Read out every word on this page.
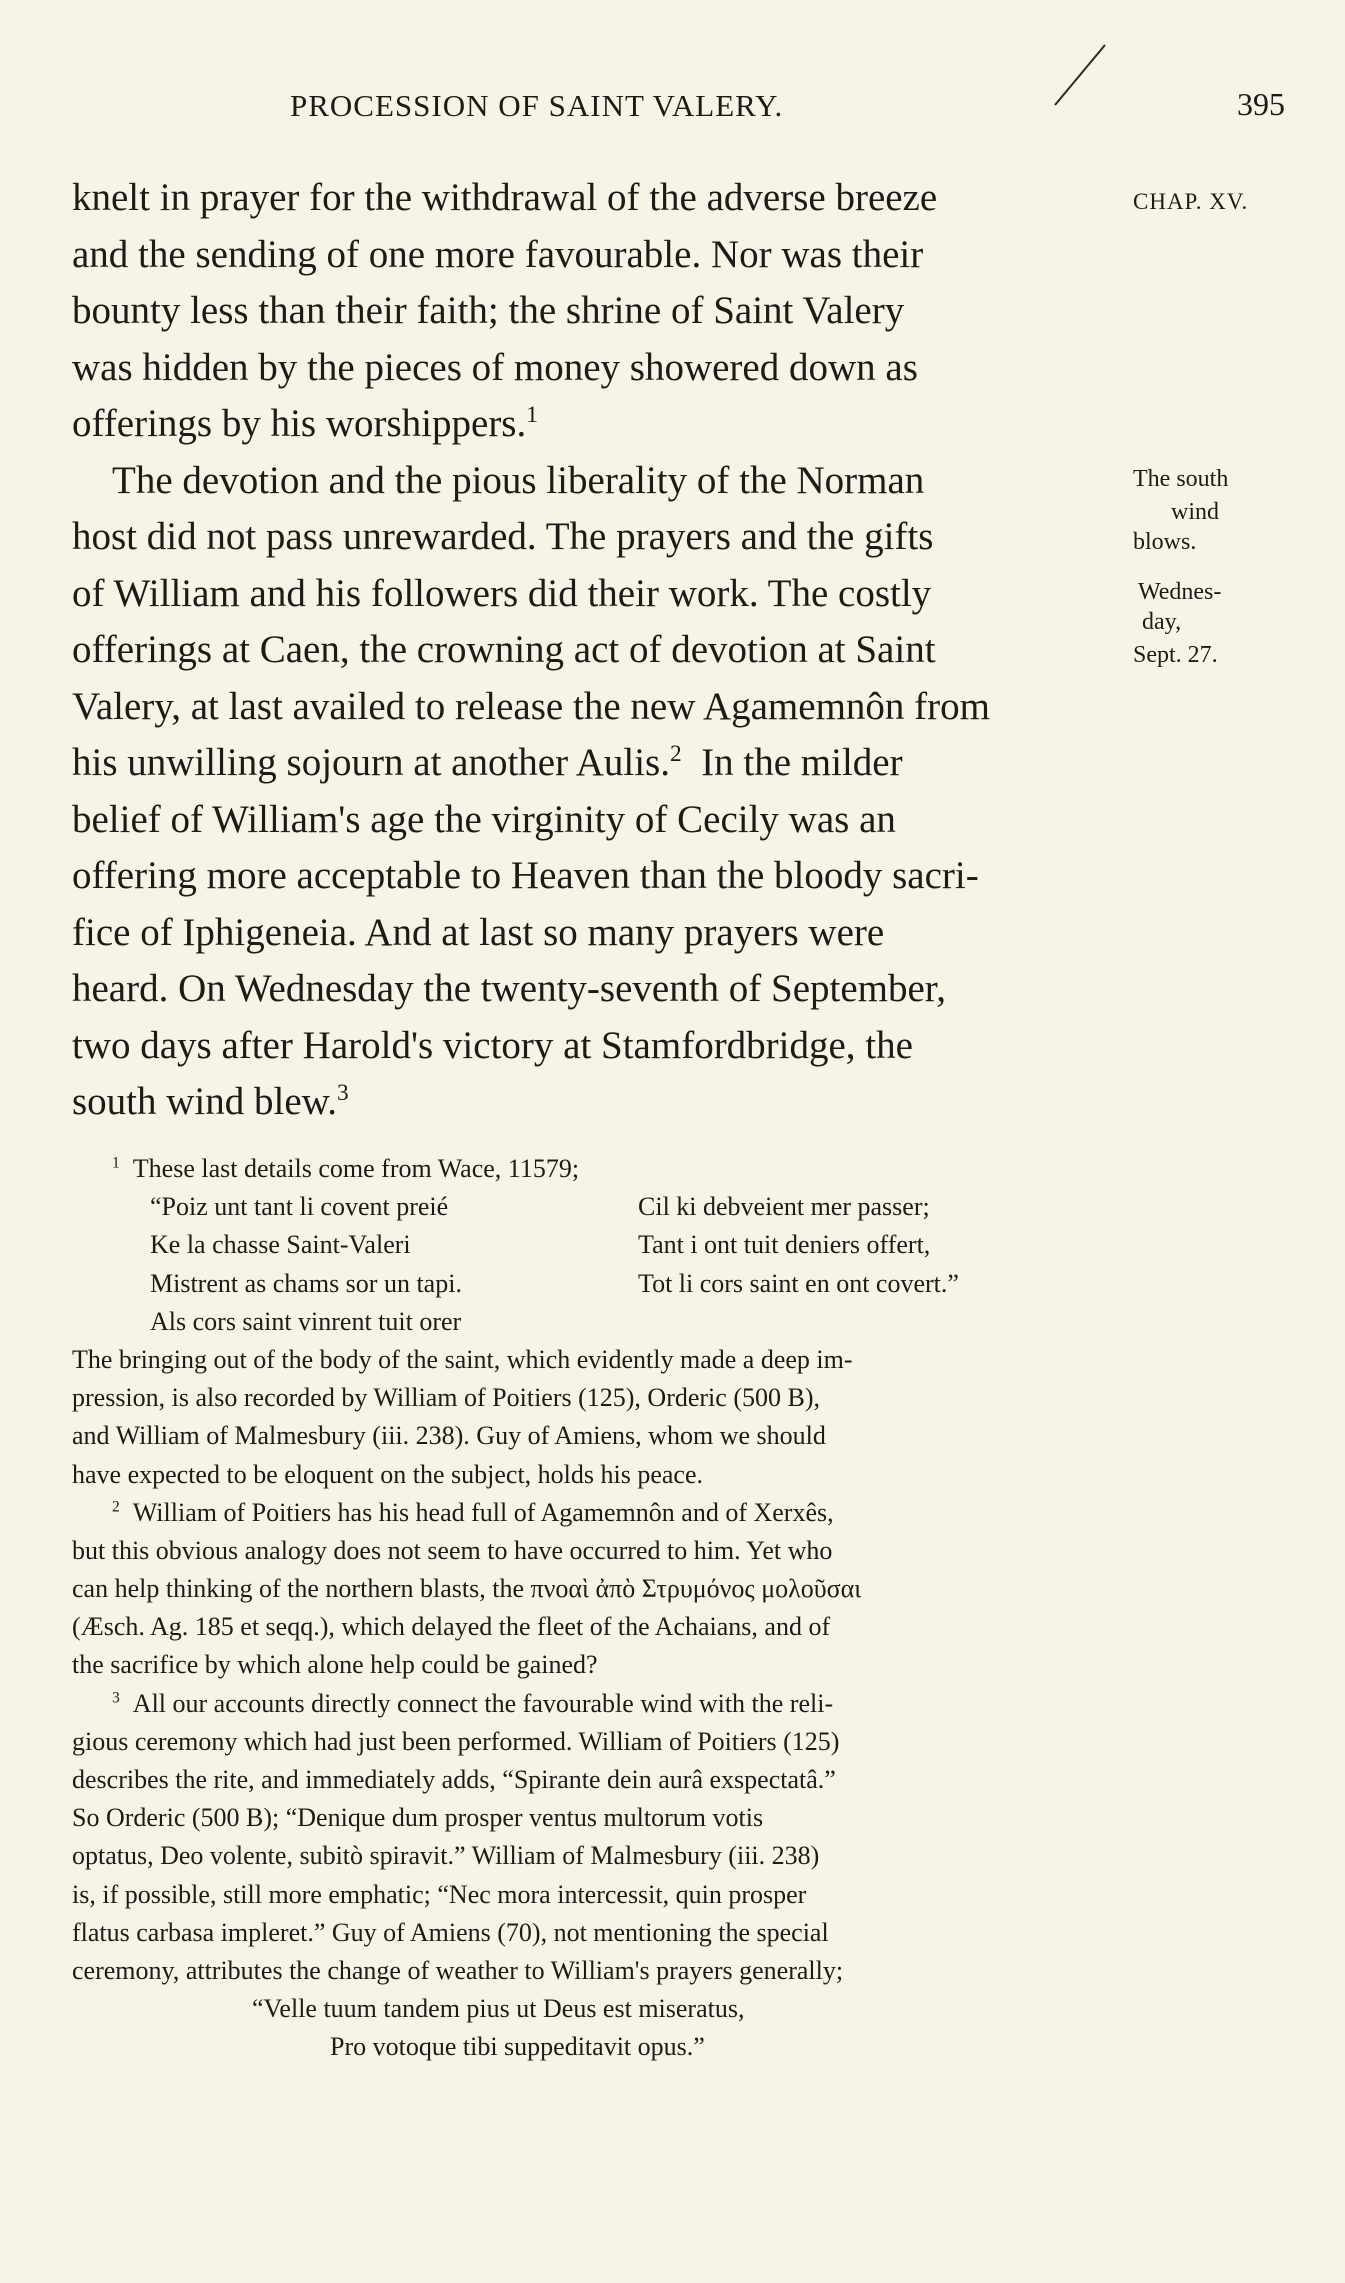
PROCESSION OF SAINT VALERY.	395
CHAP. XV.
The south
wind
blows.
Wednes-
day,
Sept. 27.
knelt in prayer for the withdrawal of the adverse breeze
and the sending of one more favourable. Nor was their
bounty less than their faith; the shrine of Saint Valery
was hidden by the pieces of money showered down as
offerings by his worshippers.$^1$
The devotion and the pious liberality of the Norman
host did not pass unrewarded. The prayers and the gifts
of William and his followers did their work. The costly
offerings at Caen, the crowning act of devotion at Saint
Valery, at last availed to release the new Agamemnôn from
his unwilling sojourn at another Aulis.$^2$ In the milder
belief of William's age the virginity of Cecily was an
offering more acceptable to Heaven than the bloody sacri-
fice of Iphigeneia. And at last so many prayers were
heard. On Wednesday the twenty-seventh of September,
two days after Harold's victory at Stamfordbridge, the
south wind blew.$^3$
$^1$ These last details come from Wace, 11579;
“Poiz unt tant li covent preié	Cil ki debveient mer passer;
Ke la chasse Saint-Valeri	Tant i ont tuit deniers offert,
Mistrent as chams sor un tapi.	Tot li cors saint en ont covert.”
Als cors saint vinrent tuit orer
The bringing out of the body of the saint, which evidently made a deep im-
pression, is also recorded by William of Poitiers (125), Orderic (500 B),
and William of Malmesbury (iii. 238). Guy of Amiens, whom we should
have expected to be eloquent on the subject, holds his peace.
$^2$ William of Poitiers has his head full of Agamemnôn and of Xerxês,
but this obvious analogy does not seem to have occurred to him. Yet who
can help thinking of the northern blasts, the πνοαὶ ἀπὸ Στρυμόνος μολοῦσαι
(Æsch. Ag. 185 et seqq.), which delayed the fleet of the Achaians, and of
the sacrifice by which alone help could be gained?
$^3$ All our accounts directly connect the favourable wind with the reli-
gious ceremony which had just been performed. William of Poitiers (125)
describes the rite, and immediately adds, “Spirante dein aurâ exspectatâ.”
So Orderic (500 B); “Denique dum prosper ventus multorum votis
optatus, Deo volente, subitò spiravit.” William of Malmesbury (iii. 238)
is, if possible, still more emphatic; “Nec mora intercessit, quin prosper
flatus carbasa impleret.” Guy of Amiens (70), not mentioning the special
ceremony, attributes the change of weather to William's prayers generally;
“Velle tuum tandem pius ut Deus est miseratus,
Pro votoque tibi suppeditavit opus.”
